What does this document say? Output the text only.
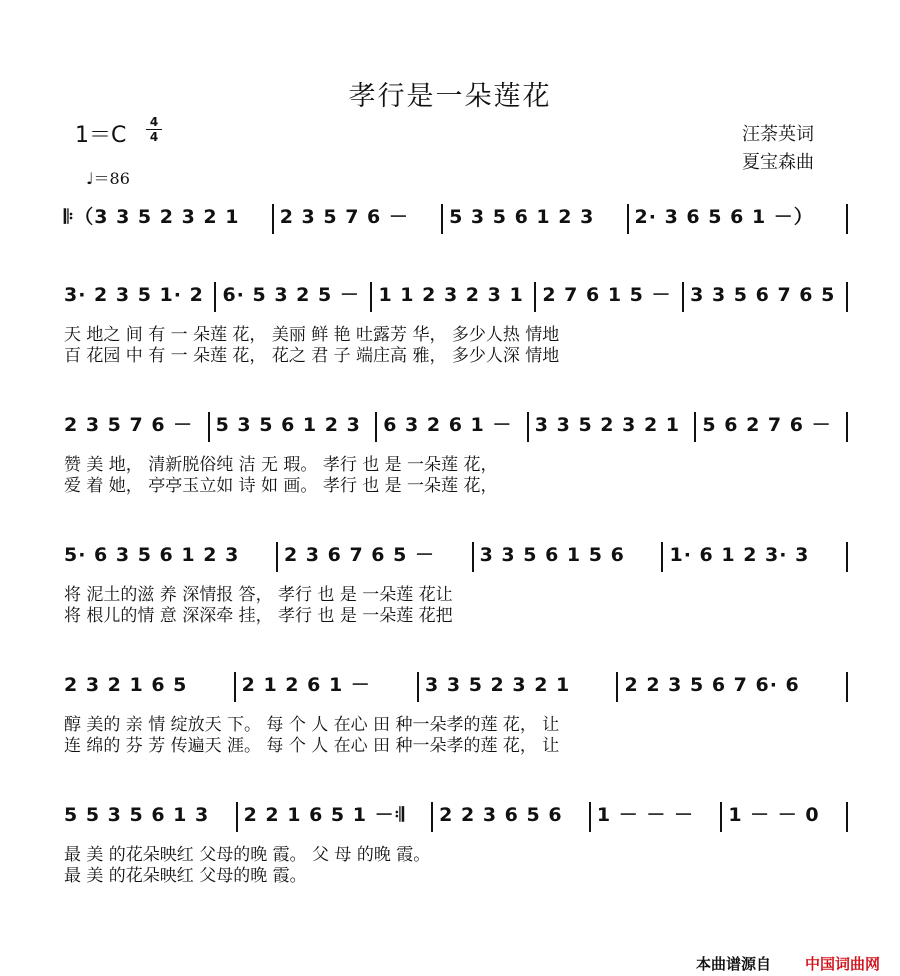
孝行是一朵莲花
1＝C
4
4
♩＝86
汪荼英词
夏宝森曲
𝄆（3 3 5 2 3 2 1 2 3 5 7 6 － 5 3 5 6 1 2 3 2· 3 6 5 6 1 －）
3· 2 3 5 1· 2 6· 5 3 2 5 － 1 1 2 3 2 3 1 2 7 6 1 5 － 3 3 5 6 7 6 5
天 地之 间 有 一 朵莲 花， 美丽 鲜 艳 吐露芳 华， 多少人热 情地
百 花园 中 有 一 朵莲 花， 花之 君 子 端庄高 雅， 多少人深 情地
2 3 5 7 6 － 5 3 5 6 1 2 3 6 3 2 6 1 － 3 3 5 2 3 2 1 5 6 2 7 6 －
赞 美 地， 清新脱俗纯 洁 无 瑕。 孝行 也 是 一朵莲 花，
爱 着 她， 亭亭玉立如 诗 如 画。 孝行 也 是 一朵莲 花，
5· 6 3 5 6 1 2 3 2 3 6 7 6 5 － 3 3 5 6 1 5 6 1· 6 1 2 3· 3
将 泥土的滋 养 深情报 答， 孝行 也 是 一朵莲 花让
将 根儿的情 意 深深牵 挂， 孝行 也 是 一朵莲 花把
2 3 2 1 6 5	2 1 2 6 1 －	3 3 5 2 3 2 1	2 2 3 5 6 7 6· 6
醇 美的 亲 情 绽放天 下。 每 个 人 在心 田 种一朵孝的莲 花， 让
连 绵的 芬 芳 传遍天 涯。 每 个 人 在心 田 种一朵孝的莲 花， 让
5 5 3 5 6 1 3 2 2 1 6 5 1 －𝄇 2 2 3 6 5 6 1 － － － 1 － － 0
最 美 的花朵映红 父母的晚 霞。 父 母 的晚 霞。
最 美 的花朵映红 父母的晚 霞。
本曲谱源自 中国词曲网
